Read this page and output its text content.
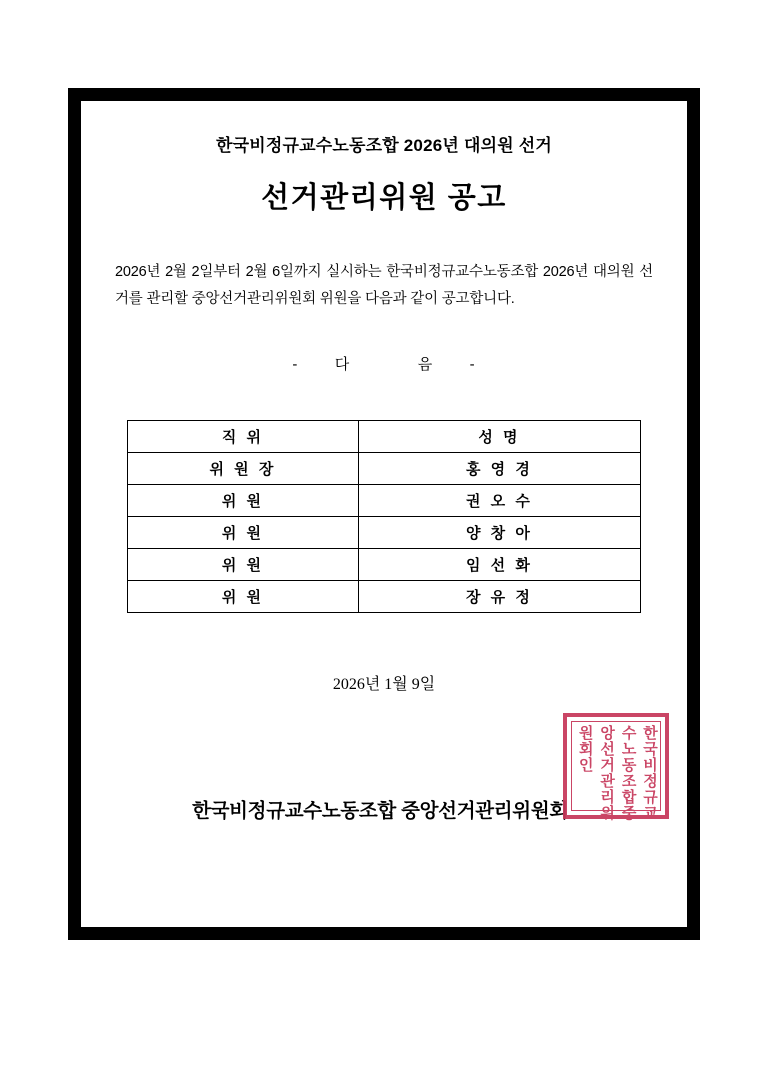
한국비정규교수노동조합 2026년 대의원 선거
선거관리위원 공고
2026년 2월 2일부터 2월 6일까지 실시하는 한국비정규교수노동조합 2026년 대의원 선거를 관리할 중앙선거관리위원회 위원을 다음과 같이 공고합니다.
- 다	음 -
직 위	성 명
위 원 장	홍 영 경
위 원	권 오 수
위 원	양 창 아
위 원	임 선 화
위 원	장 유 정
2026년 1월 9일
한국비정규교수노동조합 중앙선거관리위원회	한국비정규교
수노동조합중
앙선거관리위
원회인
